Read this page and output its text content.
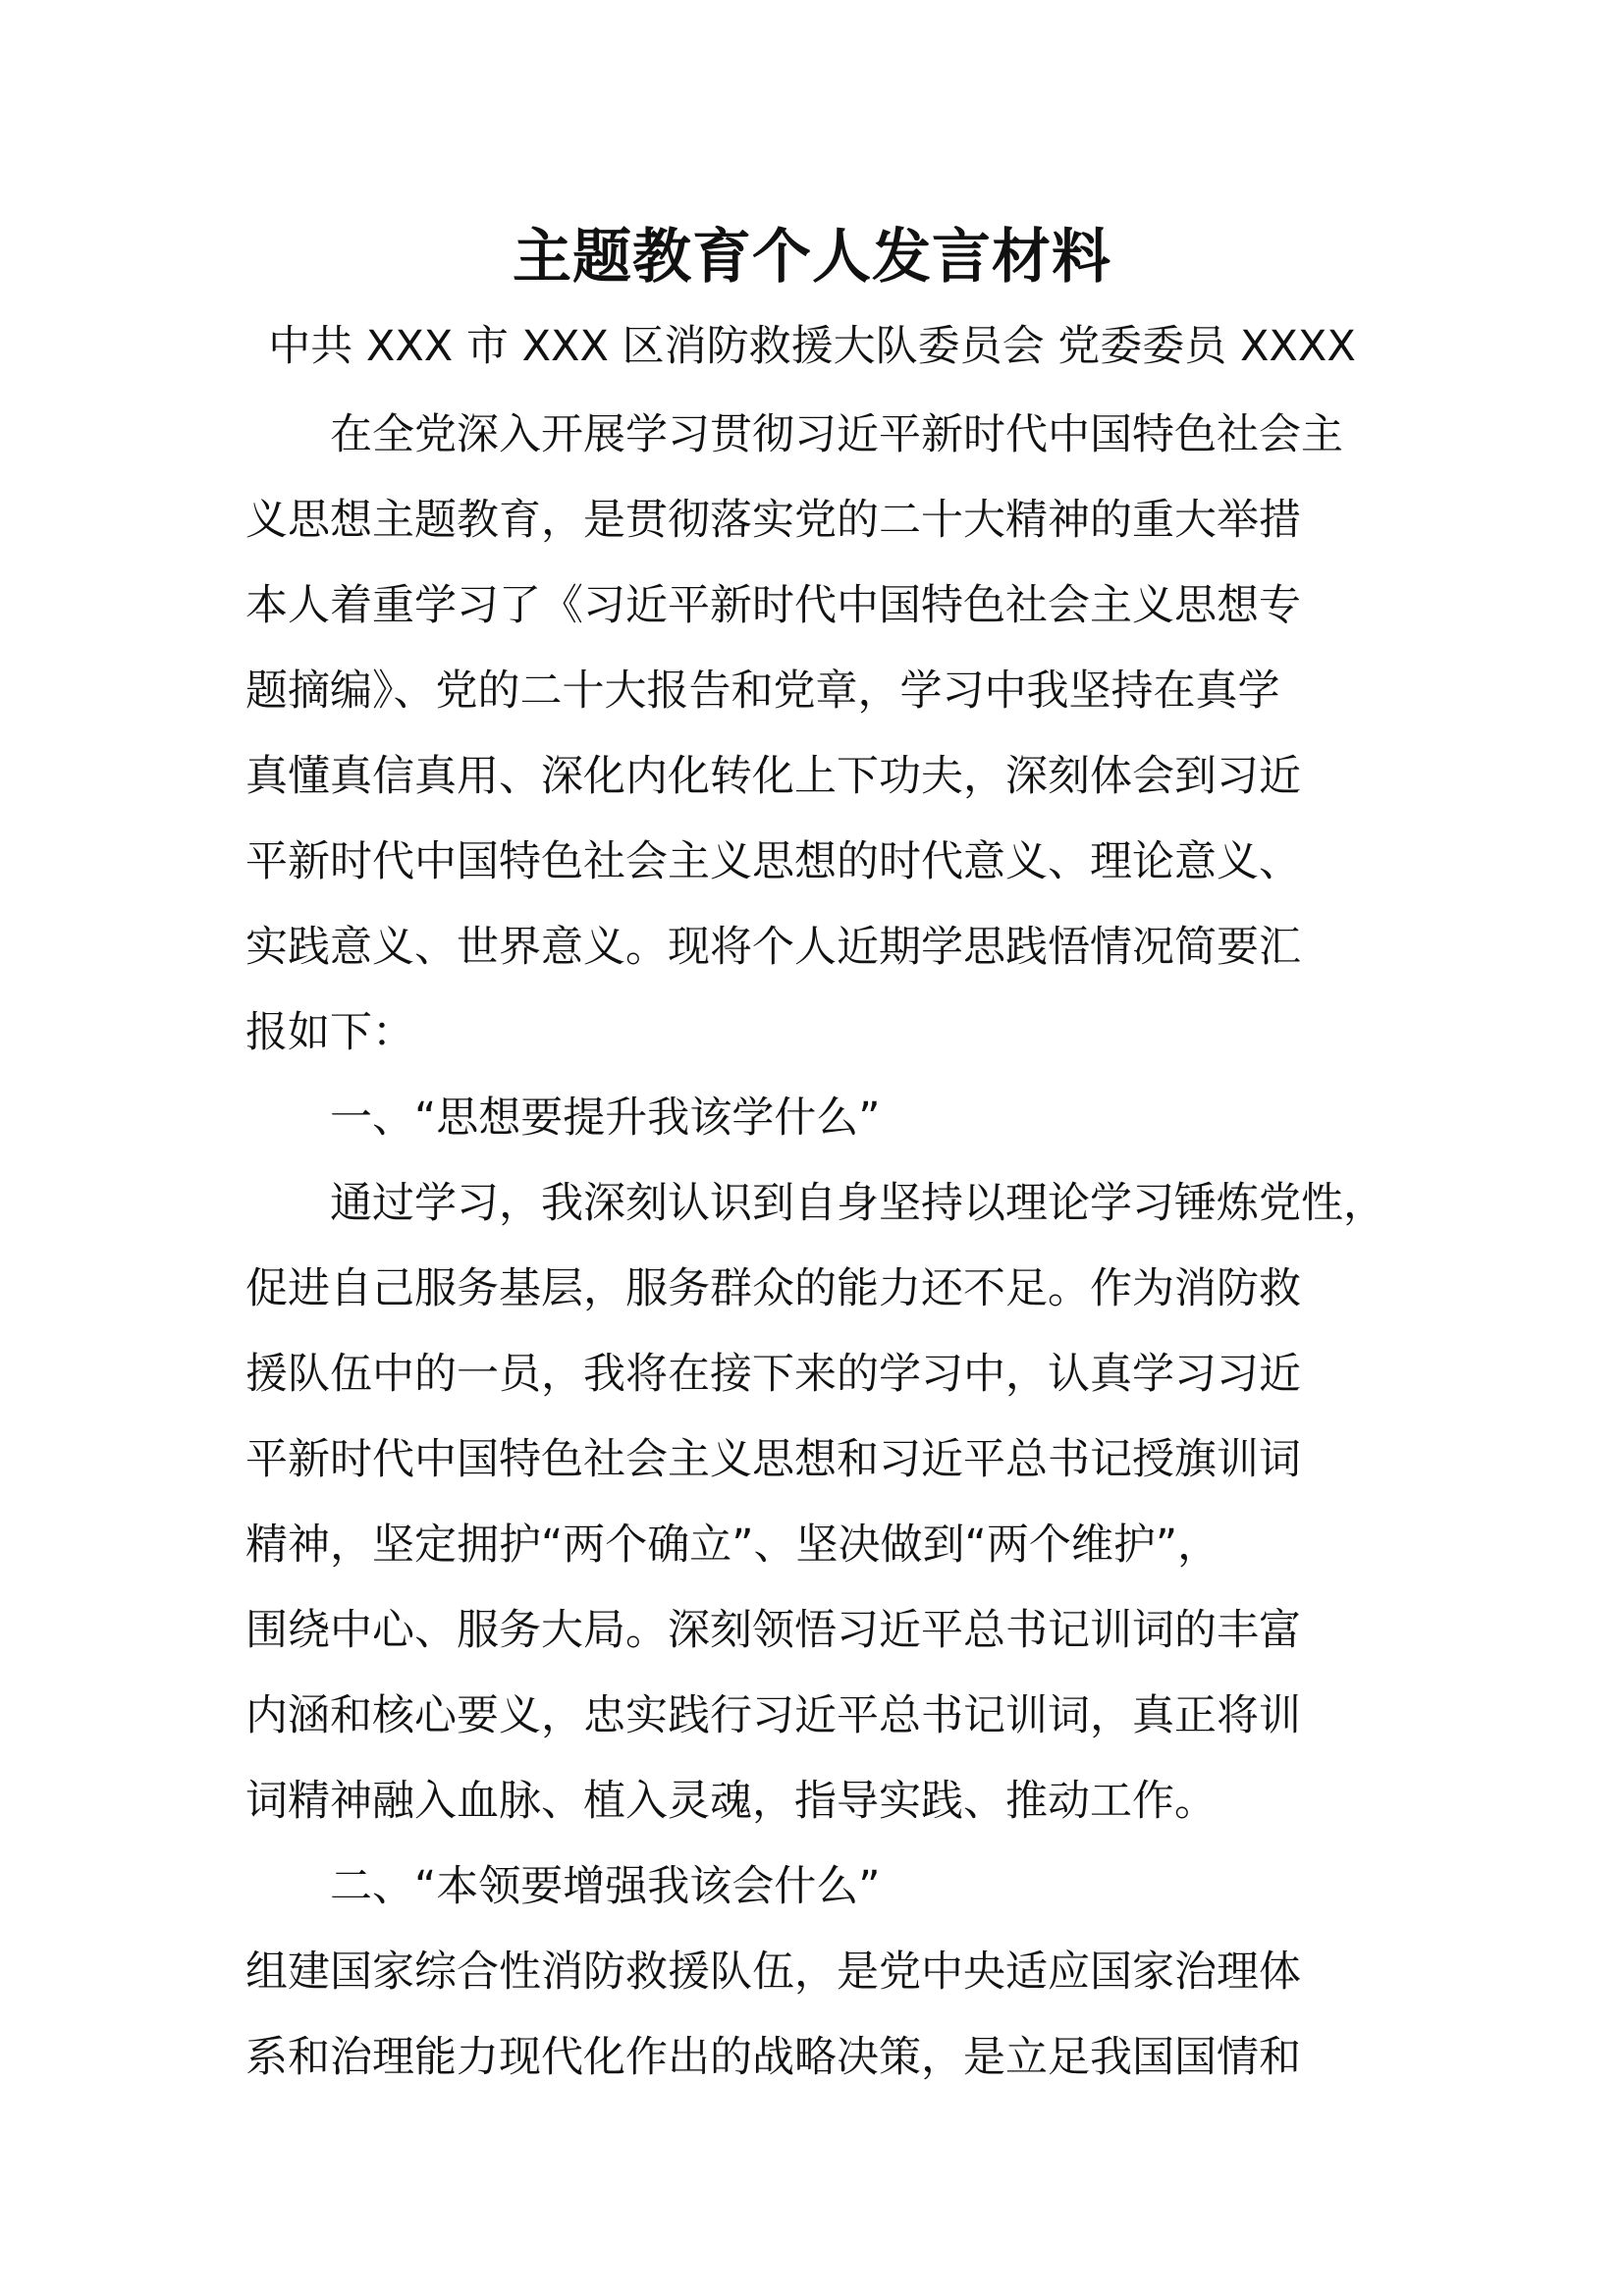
主题教育个人发言材料
中共 XXX 市 XXX 区消防救援大队委员会 党委委员 XXXX
　　在全党深入开展学习贯彻习近平新时代中国特色社会主
义思想主题教育，是贯彻落实党的二十大精神的重大举措
本人着重学习了《习近平新时代中国特色社会主义思想专
题摘编》、党的二十大报告和党章，学习中我坚持在真学
真懂真信真用、深化内化转化上下功夫，深刻体会到习近
平新时代中国特色社会主义思想的时代意义、理论意义、
实践意义、世界意义。现将个人近期学思践悟情况简要汇
报如下：
　　一、“思想要提升我该学什么”
　　通过学习，我深刻认识到自身坚持以理论学习锤炼党性，
促进自己服务基层，服务群众的能力还不足。作为消防救
援队伍中的一员，我将在接下来的学习中，认真学习习近
平新时代中国特色社会主义思想和习近平总书记授旗训词
精神，坚定拥护“两个确立”、坚决做到“两个维护”，
围绕中心、服务大局。深刻领悟习近平总书记训词的丰富
内涵和核心要义，忠实践行习近平总书记训词，真正将训
词精神融入血脉、植入灵魂，指导实践、推动工作。
　　二、“本领要增强我该会什么”
组建国家综合性消防救援队伍，是党中央适应国家治理体
系和治理能力现代化作出的战略决策，是立足我国国情和
